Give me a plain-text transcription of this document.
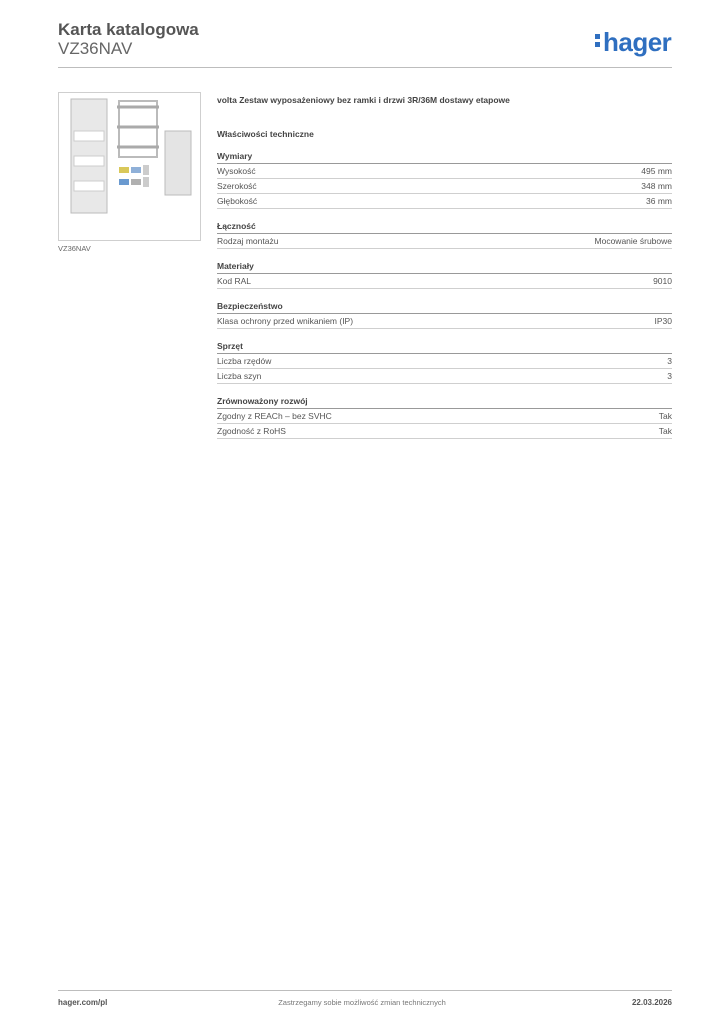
Karta katalogowa
VZ36NAV	hager
VZ36NAV
volta Zestaw wyposażeniowy bez ramki i drzwi 3R/36M dostawy etapowe
Właściwości techniczne
Wymiary
Wysokość	495 mm
Szerokość	348 mm
Głębokość	36 mm
Łączność
Rodzaj montażu	Mocowanie śrubowe
Materiały
Kod RAL	9010
Bezpieczeństwo
Klasa ochrony przed wnikaniem (IP)	IP30
Sprzęt
Liczba rzędów	3
Liczba szyn	3
Zrównoważony rozwój
Zgodny z REACh – bez SVHC	Tak
Zgodność z RoHS	Tak
hager.com/pl	Zastrzegamy sobie możliwość zmian technicznych	22.03.2026
